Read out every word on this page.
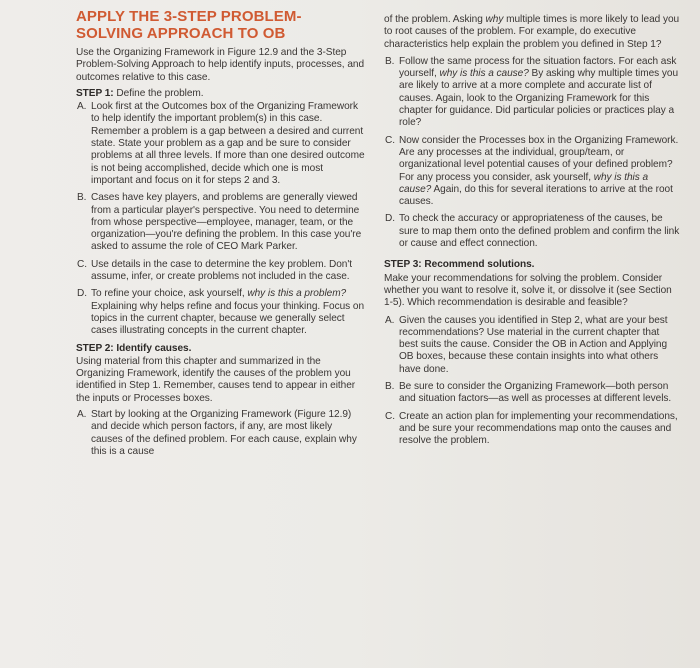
APPLY THE 3-STEP PROBLEM-
SOLVING APPROACH TO OB

Use the Organizing Framework in Figure 12.9 and the 3-Step Problem-Solving Approach to help identify inputs, processes, and outcomes relative to this case.

STEP 1: Define the problem.

A. Look first at the Outcomes box of the Organizing Framework to help identify the important problem(s) in this case. Remember a problem is a gap between a desired and current state. State your problem as a gap and be sure to consider problems at all three levels. If more than one desired outcome is not being accomplished, decide which one is most important and focus on it for steps 2 and 3.
B. Cases have key players, and problems are generally viewed from a particular player's perspective. You need to determine from whose perspective—employee, manager, team, or the organization—you're defining the problem. In this case you're asked to assume the role of CEO Mark Parker.
C. Use details in the case to determine the key problem. Don't assume, infer, or create problems not included in the case.
D. To refine your choice, ask yourself, why is this a problem? Explaining why helps refine and focus your thinking. Focus on topics in the current chapter, because we generally select cases illustrating concepts in the current chapter.

STEP 2: Identify causes.

Using material from this chapter and summarized in the Organizing Framework, identify the causes of the problem you identified in Step 1. Remember, causes tend to appear in either the inputs or Processes boxes.

A. Start by looking at the Organizing Framework (Figure 12.9) and decide which person factors, if any, are most likely causes of the defined problem. For each cause, explain why this is a cause

of the problem. Asking why multiple times is more likely to lead you to root causes of the problem. For example, do executive characteristics help explain the problem you defined in Step 1?

B. Follow the same process for the situation factors. For each ask yourself, why is this a cause? By asking why multiple times you are likely to arrive at a more complete and accurate list of causes. Again, look to the Organizing Framework for this chapter for guidance. Did particular policies or practices play a role?
C. Now consider the Processes box in the Organizing Framework. Are any processes at the individual, group/team, or organizational level potential causes of your defined problem? For any process you consider, ask yourself, why is this a cause? Again, do this for several iterations to arrive at the root causes.
D. To check the accuracy or appropriateness of the causes, be sure to map them onto the defined problem and confirm the link or cause and effect connection.

STEP 3: Recommend solutions.

Make your recommendations for solving the problem. Consider whether you want to resolve it, solve it, or dissolve it (see Section 1-5). Which recommendation is desirable and feasible?

A. Given the causes you identified in Step 2, what are your best recommendations? Use material in the current chapter that best suits the cause. Consider the OB in Action and Applying OB boxes, because these contain insights into what others have done.
B. Be sure to consider the Organizing Framework—both person and situation factors—as well as processes at different levels.
C. Create an action plan for implementing your recommendations, and be sure your recommendations map onto the causes and resolve the problem.
